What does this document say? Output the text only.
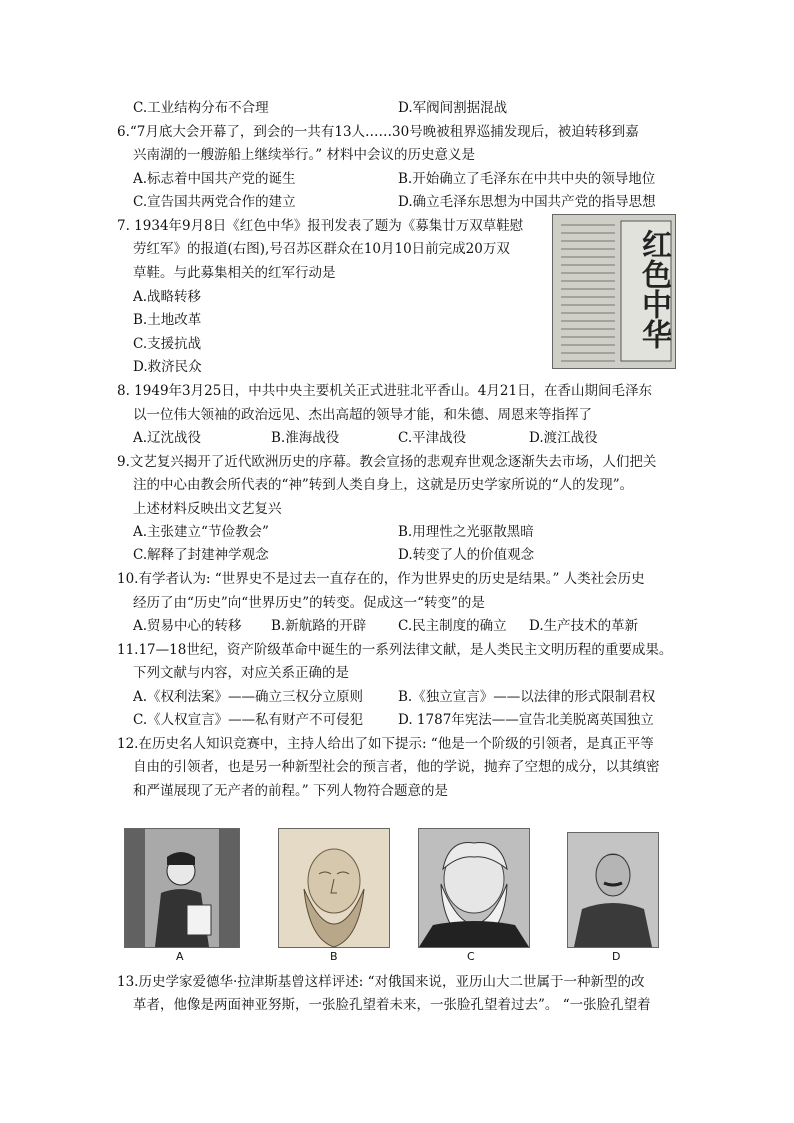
C.工业结构分布不合理	D.军阀间割据混战
6.“7月底大会开幕了，到会的一共有13人……30号晚被租界巡捕发现后，被迫转移到嘉
兴南湖的一艘游船上继续举行。” 材料中会议的历史意义是
A.标志着中国共产党的诞生	B.开始确立了毛泽东在中共中央的领导地位
C.宣告国共两党合作的建立	D.确立毛泽东思想为中国共产党的指导思想
7. 1934年9月8日《红色中华》报刊发表了题为《募集廿万双草鞋慰
劳红军》的报道(右图),号召苏区群众在10月10日前完成20万双
草鞋。与此募集相关的红军行动是
A.战略转移
B.土地改革
C.支援抗战
D.救济民众
红色中华
8. 1949年3月25日，中共中央主要机关正式进驻北平香山。4月21日，在香山期间毛泽东
以一位伟大领袖的政治远见、杰出高超的领导才能，和朱德、周恩来等指挥了
A.辽沈战役	B.淮海战役	C.平津战役	D.渡江战役
9.文艺复兴揭开了近代欧洲历史的序幕。教会宣扬的悲观弃世观念逐渐失去市场，人们把关
注的中心由教会所代表的“神”转到人类自身上，这就是历史学家所说的“人的发现”。
上述材料反映出文艺复兴
A.主张建立“节俭教会”	B.用理性之光驱散黑暗
C.解释了封建神学观念	D.转变了人的价值观念
10.有学者认为: “世界史不是过去一直存在的，作为世界史的历史是结果。” 人类社会历史
经历了由“历史”向“世界历史”的转变。促成这一“转变”的是
A.贸易中心的转移 B.新航路的开辟 C.民主制度的确立 D.生产技术的革新
11.17—18世纪，资产阶级革命中诞生的一系列法律文献，是人类民主文明历程的重要成果。
下列文献与内容，对应关系正确的是
A.《权利法案》——确立三权分立原则	B.《独立宣言》——以法律的形式限制君权
C.《人权宣言》——私有财产不可侵犯	D. 1787年宪法——宣告北美脱离英国独立
12.在历史名人知识竞赛中，主持人给出了如下提示: “他是一个阶级的引领者，是真正平等
自由的引领者，也是另一种新型社会的预言者，他的学说，抛弃了空想的成分，以其缜密
和严谨展现了无产者的前程。” 下列人物符合题意的是
A	B	C	D
13.历史学家爱德华·拉津斯基曾这样评述: “对俄国来说，亚历山大二世属于一种新型的改
革者，他像是两面神亚努斯，一张脸孔望着未来，一张脸孔望着过去”。 “一张脸孔望着
